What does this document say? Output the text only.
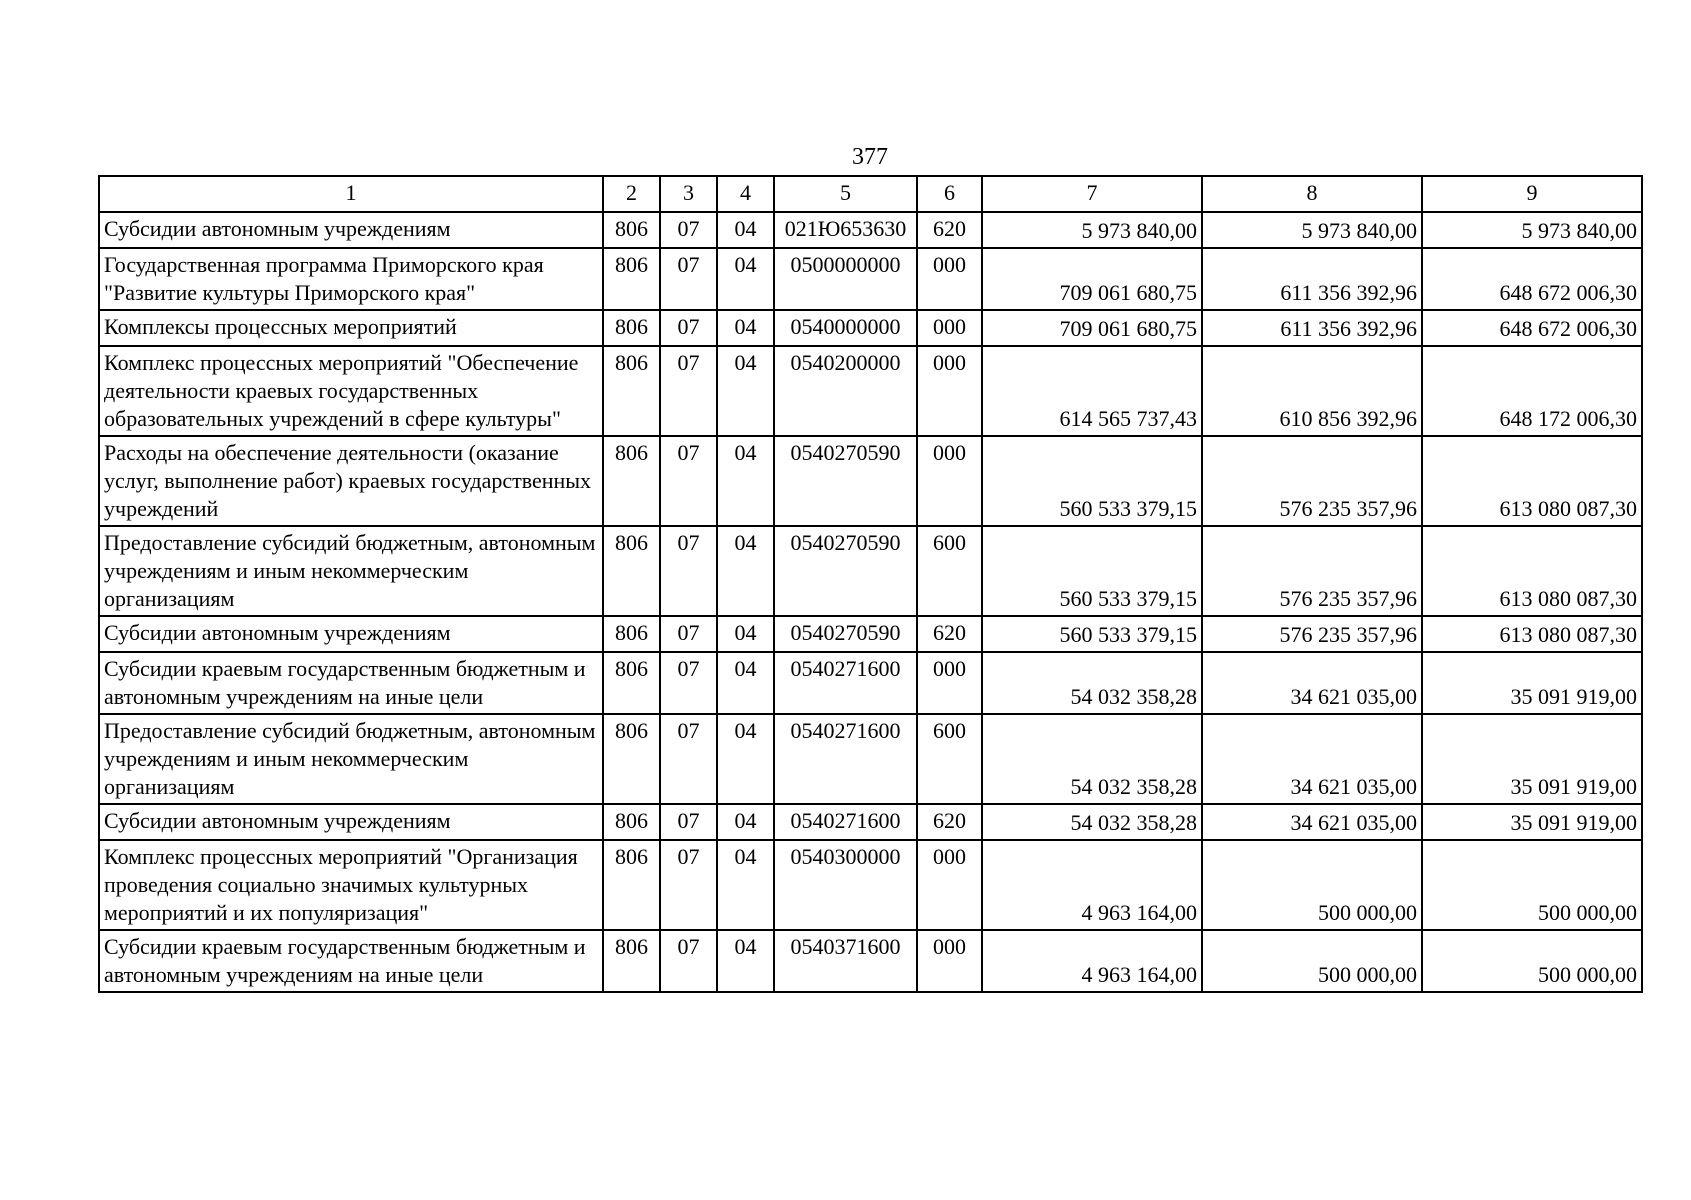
377
1	2	3	4	5	6	7	8	9
Субсидии автономным учреждениям	806	07	04	021Ю653630	620	5 973 840,00	5 973 840,00	5 973 840,00
Государственная программа Приморского края "Развитие культуры Приморского края"	806	07	04	0500000000	000	709 061 680,75	611 356 392,96	648 672 006,30
Комплексы процессных мероприятий	806	07	04	0540000000	000	709 061 680,75	611 356 392,96	648 672 006,30
Комплекс процессных мероприятий "Обеспечение деятельности краевых государственных образовательных учреждений в сфере культуры"	806	07	04	0540200000	000	614 565 737,43	610 856 392,96	648 172 006,30
Расходы на обеспечение деятельности (оказание услуг, выполнение работ) краевых государственных учреждений	806	07	04	0540270590	000	560 533 379,15	576 235 357,96	613 080 087,30
Предоставление субсидий бюджетным, автономным учреждениям и иным некоммерческим организациям	806	07	04	0540270590	600	560 533 379,15	576 235 357,96	613 080 087,30
Субсидии автономным учреждениям	806	07	04	0540270590	620	560 533 379,15	576 235 357,96	613 080 087,30
Субсидии краевым государственным бюджетным и автономным учреждениям на иные цели	806	07	04	0540271600	000	54 032 358,28	34 621 035,00	35 091 919,00
Предоставление субсидий бюджетным, автономным учреждениям и иным некоммерческим организациям	806	07	04	0540271600	600	54 032 358,28	34 621 035,00	35 091 919,00
Субсидии автономным учреждениям	806	07	04	0540271600	620	54 032 358,28	34 621 035,00	35 091 919,00
Комплекс процессных мероприятий "Организация проведения социально значимых культурных мероприятий и их популяризация"	806	07	04	0540300000	000	4 963 164,00	500 000,00	500 000,00
Субсидии краевым государственным бюджетным и автономным учреждениям на иные цели	806	07	04	0540371600	000	4 963 164,00	500 000,00	500 000,00
